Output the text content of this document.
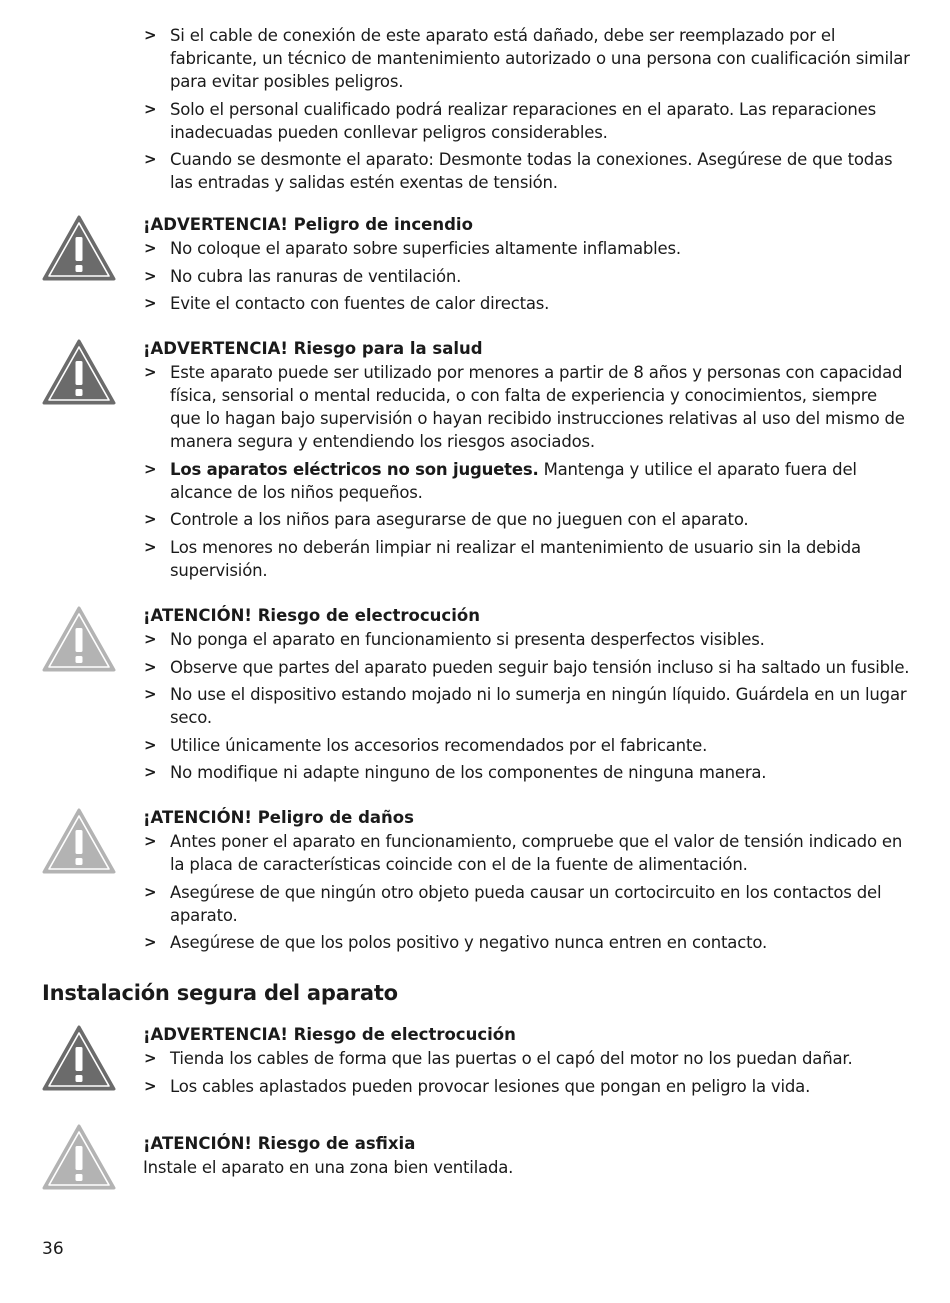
> Si el cable de conexión de este aparato está dañado, debe ser reemplazado por el fabricante, un técnico de mantenimiento autorizado o una persona con cualificación similar para evitar posibles peligros.
> Solo el personal cualificado podrá realizar reparaciones en el aparato. Las reparaciones inadecuadas pueden conllevar peligros considerables.
> Cuando se desmonte el aparato: Desmonte todas la conexiones. Asegúrese de que todas las entradas y salidas estén exentas de tensión.

¡ADVERTENCIA! Peligro de incendio

> No coloque el aparato sobre superficies altamente inflamables.
> No cubra las ranuras de ventilación.
> Evite el contacto con fuentes de calor directas.

¡ADVERTENCIA! Riesgo para la salud

> Este aparato puede ser utilizado por menores a partir de 8 años y personas con capacidad física, sensorial o mental reducida, o con falta de experiencia y conocimientos, siempre que lo hagan bajo supervisión o hayan recibido instrucciones relativas al uso del mismo de manera segura y entendiendo los riesgos asociados.
> Los aparatos eléctricos no son juguetes. Mantenga y utilice el aparato fuera del alcance de los niños pequeños.
> Controle a los niños para asegurarse de que no jueguen con el aparato.
> Los menores no deberán limpiar ni realizar el mantenimiento de usuario sin la debida supervisión.

¡ATENCIÓN! Riesgo de electrocución

> No ponga el aparato en funcionamiento si presenta desperfectos visibles.
> Observe que partes del aparato pueden seguir bajo tensión incluso si ha saltado un fusible.
> No use el dispositivo estando mojado ni lo sumerja en ningún líquido. Guárdela en un lugar seco.
> Utilice únicamente los accesorios recomendados por el fabricante.
> No modifique ni adapte ninguno de los componentes de ninguna manera.

¡ATENCIÓN! Peligro de daños

> Antes poner el aparato en funcionamiento, compruebe que el valor de tensión indicado en la placa de características coincide con el de la fuente de alimentación.
> Asegúrese de que ningún otro objeto pueda causar un cortocircuito en los contactos del aparato.
> Asegúrese de que los polos positivo y negativo nunca entren en contacto.
Instalación segura del aparato

¡ADVERTENCIA! Riesgo de electrocución

> Tienda los cables de forma que las puertas o el capó del motor no los puedan dañar.
> Los cables aplastados pueden provocar lesiones que pongan en peligro la vida.

¡ATENCIÓN! Riesgo de asfixia

Instale el aparato en una zona bien ventilada.

36
